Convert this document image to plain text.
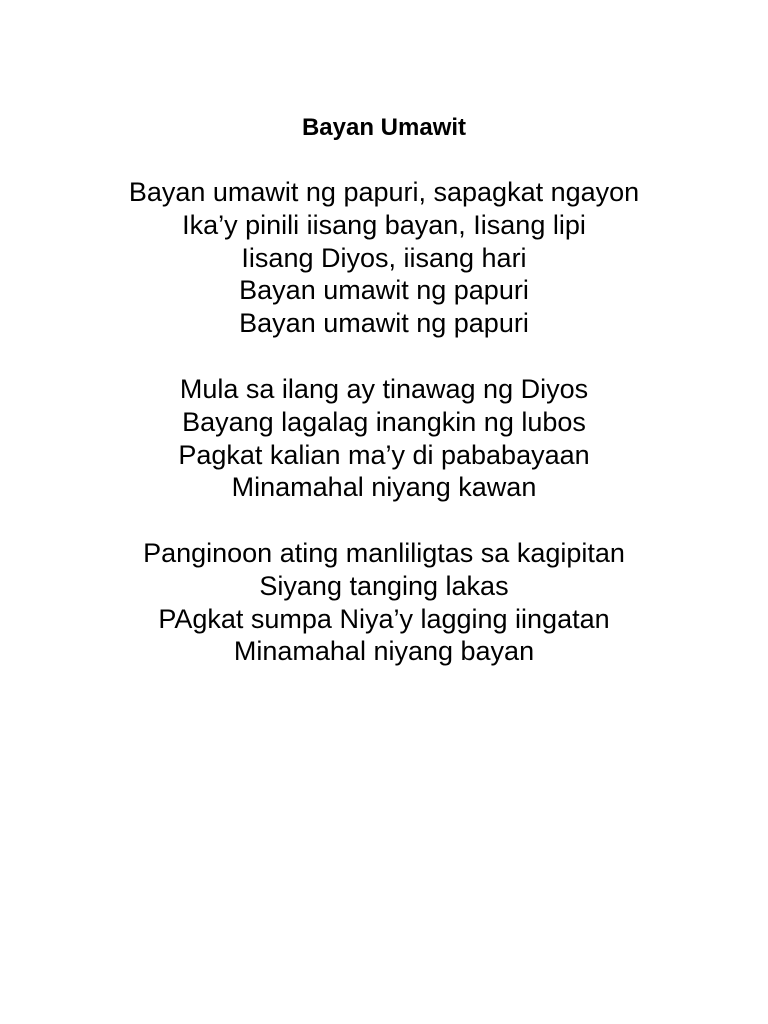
Bayan Umawit
Bayan umawit ng papuri, sapagkat ngayon
Ika’y pinili iisang bayan, Iisang lipi
Iisang Diyos, iisang hari
Bayan umawit ng papuri
Bayan umawit ng papuri
Mula sa ilang ay tinawag ng Diyos
Bayang lagalag inangkin ng lubos
Pagkat kalian ma’y di pababayaan
Minamahal niyang kawan
Panginoon ating manliligtas sa kagipitan
Siyang tanging lakas
PAgkat sumpa Niya’y lagging iingatan
Minamahal niyang bayan
